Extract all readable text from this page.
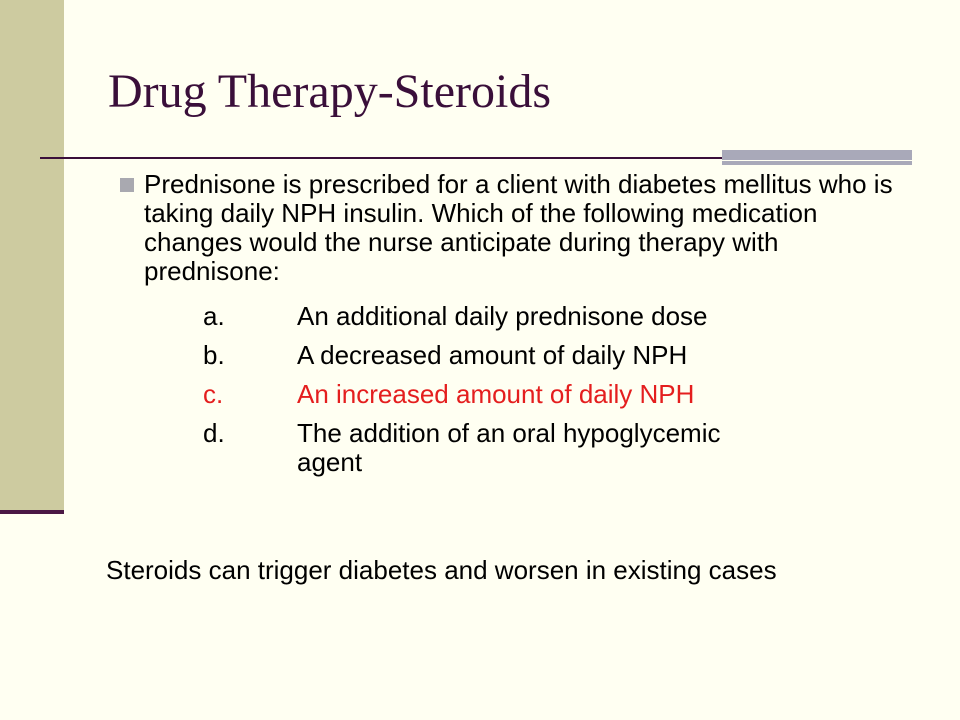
Drug Therapy-Steroids

Prednisone is prescribed for a client with diabetes mellitus who is taking daily NPH insulin. Which of the following medication changes would the nurse anticipate during therapy with prednisone:

a.	An additional daily prednisone dose
b.	A decreased amount of daily NPH
c.	An increased amount of daily NPH
d.	The addition of an oral hypoglycemic agent

Steroids can trigger diabetes and worsen in existing cases
